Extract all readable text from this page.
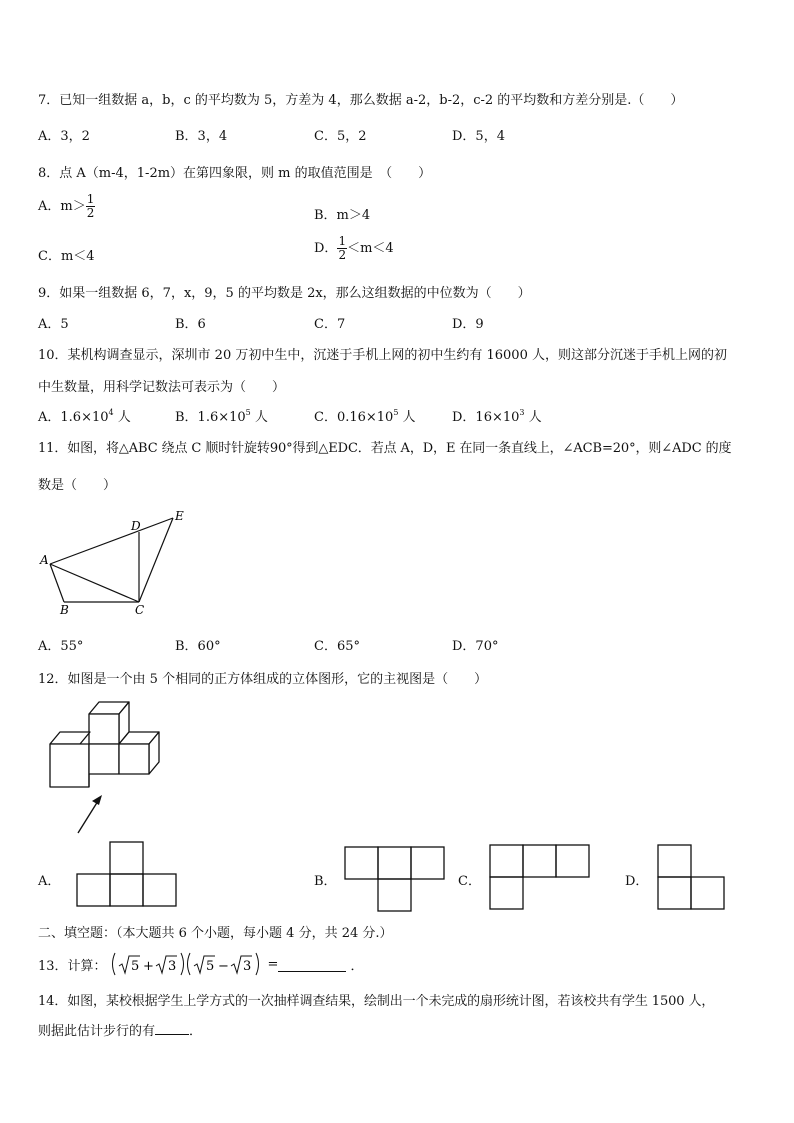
7．已知一组数据 a，b，c 的平均数为 5，方差为 4，那么数据 a-2，b-2，c-2 的平均数和方差分别是.（　　）
A．3，2	B．3，4	C．5，2	D．5，4
8．点 A（m-4，1-2m）在第四象限，则 m 的取值范围是　（　　）
A．$m> \frac{1}{2}$	B．m＞4
C．m＜4
D． $\frac{1}{2} <m<4$
9．如果一组数据 6，7，x，9，5 的平均数是 2x，那么这组数据的中位数为（　　）
A．5	B．6	C．7	D．9
10．某机构调查显示，深圳市 20 万初中生中，沉迷于手机上网的初中生约有 16000 人，则这部分沉迷于手机上网的初
中生数量，用科学记数法可表示为（　　）
A．$1.6\times 10^4$ 人	B．$1.6\times 10^5$ 人	C．$0.16\times 10^5$ 人	D．$16\times 10^3$ 人
11．如图，将△ABC 绕点 C 顺时针旋转90°得到△EDC．若点 A，D，E 在同一条直线上，∠ACB=20°，则∠ADC 的度
数是（　　）
A
B	C
D
E
A．55°	B．60°	C．65°	D．70°
12．如图是一个由 5 个相同的正方体组成的立体图形，它的主视图是（　　）
A．	B．	C．	D．
二、填空题：（本大题共 6 个小题，每小题 4 分，共 24 分.）
13．计算： 5 + 3 5 − 3 =	．
14．如图，某校根据学生上学方式的一次抽样调查结果，绘制出一个未完成的扇形统计图，若该校共有学生 1500 人，
则据此估计步行的有	．
